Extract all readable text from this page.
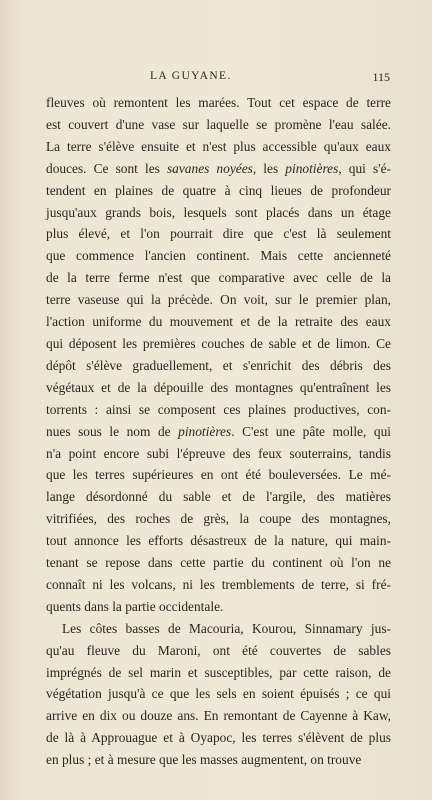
LA GUYANE.	115
fleuves où remontent les marées. Tout cet espace de terre
est couvert d'une vase sur laquelle se promène l'eau salée.
La terre s'élève ensuite et n'est plus accessible qu'aux eaux
douces. Ce sont les savanes noyées, les pinotières, qui s'é-
tendent en plaines de quatre à cinq lieues de profondeur
jusqu'aux grands bois, lesquels sont placés dans un étage
plus élevé, et l'on pourrait dire que c'est là seulement
que commence l'ancien continent. Mais cette ancienneté
de la terre ferme n'est que comparative avec celle de la
terre vaseuse qui la précède. On voit, sur le premier plan,
l'action uniforme du mouvement et de la retraite des eaux
qui déposent les premières couches de sable et de limon. Ce
dépôt s'élève graduellement, et s'enrichit des débris des
végétaux et de la dépouille des montagnes qu'entraînent les
torrents : ainsi se composent ces plaines productives, con-
nues sous le nom de pinotières. C'est une pâte molle, qui
n'a point encore subi l'épreuve des feux souterrains, tandis
que les terres supérieures en ont été bouleversées. Le mé-
lange désordonné du sable et de l'argile, des matières
vitrifiées, des roches de grès, la coupe des montagnes,
tout annonce les efforts désastreux de la nature, qui main-
tenant se repose dans cette partie du continent où l'on ne
connaît ni les volcans, ni les tremblements de terre, si fré-
quents dans la partie occidentale.
Les côtes basses de Macouria, Kourou, Sinnamary jus-
qu'au fleuve du Maroni, ont été couvertes de sables
imprégnés de sel marin et susceptibles, par cette raison, de
végétation jusqu'à ce que les sels en soient épuisés ; ce qui
arrive en dix ou douze ans. En remontant de Cayenne à Kaw,
de là à Approuague et à Oyapoc, les terres s'élèvent de plus
en plus ; et à mesure que les masses augmentent, on trouve
